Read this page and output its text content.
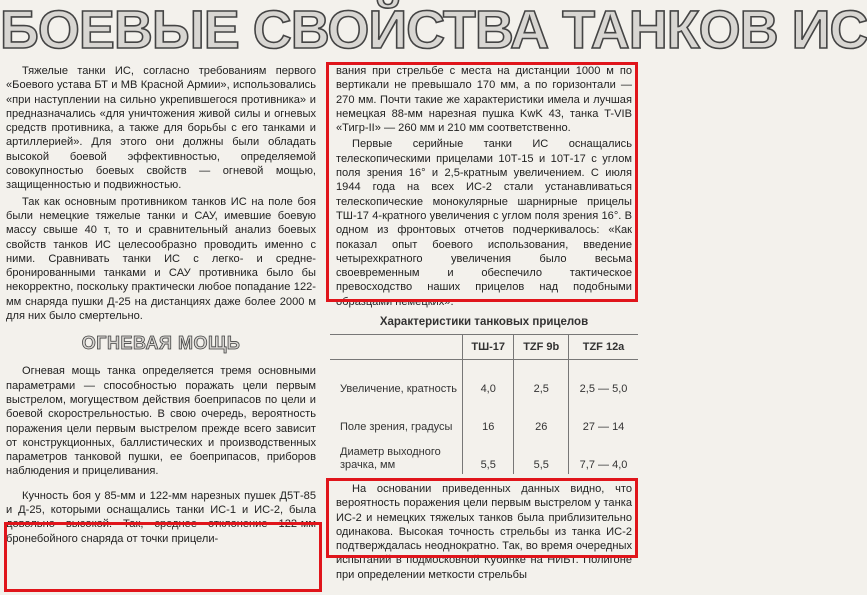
БОЕВЫЕ СВОЙСТВА ТАНКОВ ИС

Тяжелые танки ИС, согласно требованиям первого «Боевого устава БТ и МВ Красной Армии», использовались «при наступлении на сильно укрепившегося противника» и предназначались «для уничтожения живой силы и огневых средств противника, а также для борьбы с его танками и артиллерией». Для этого они должны были обладать высокой боевой эффективностью, определяемой совокупностью боевых свойств — огневой мощью, защищенностью и подвижностью.

Так как основным противником танков ИС на поле боя были немецкие тяжелые танки и САУ, имевшие боевую массу свыше 40 т, то и сравнительный анализ боевых свойств танков ИС целесообразно проводить именно с ними. Сравнивать танки ИС с легко- и средне-бронированными танками и САУ противника было бы некорректно, поскольку практически любое попадание 122-мм снаряда пушки Д-25 на дистанциях даже более 2000 м для них было смертельно.

ОГНЕВАЯ МОЩЬ

Огневая мощь танка определяется тремя основными параметрами — способностью поражать цели первым выстрелом, могуществом действия боеприпасов по цели и боевой скорострельностью. В свою очередь, вероятность поражения цели первым выстрелом прежде всего зависит от конструкционных, баллистических и производственных параметров танковой пушки, ее боеприпасов, приборов наблюдения и прицеливания.

Кучность боя у 85-мм и 122-мм нарезных пушек Д5Т-85 и Д-25, которыми оснащались танки ИС-1 и ИС-2, была довольно высокой. Так, среднее отклонение 122-мм бронебойного снаряда от точки прицели-

вания при стрельбе с места на дистанции 1000 м по вертикали не превышало 170 мм, а по горизонтали — 270 мм. Почти такие же характеристики имела и лучшая немецкая 88-мм нарезная пушка KwK 43, танка T-VIB «Тигр-II» — 260 мм и 210 мм соответственно.

Первые серийные танки ИС оснащались телескопическими прицелами 10Т-15 и 10Т-17 с углом поля зрения 16° и 2,5-кратным увеличением. С июля 1944 года на всех ИС-2 стали устанавливаться телескопические монокулярные шарнирные прицелы ТШ-17 4-кратного увеличения с углом поля зрения 16°. В одном из фронтовых отчетов подчеркивалось: «Как показал опыт боевого использования, введение четырехкратного увеличения было весьма своевременным и обеспечило тактическое превосходство наших прицелов над подобными образцами немецких».

Характеристики танковых прицелов
	ТШ-17	TZF 9b	TZF 12a
Увеличение, кратность	4,0	2,5	2,5 — 5,0
Поле зрения, градусы	16	26	27 — 14
Диаметр выходного зрачка, мм	5,5	5,5	7,7 — 4,0

На основании приведенных данных видно, что вероятность поражения цели первым выстрелом у танка ИС-2 и немецких тяжелых танков была приблизительно одинакова. Высокая точность стрельбы из танка ИС-2 подтверждалась неоднократно. Так, во время очередных испытаний в подмосковной Кубинке на НИБТ. Полигоне при определении меткости стрельбы
